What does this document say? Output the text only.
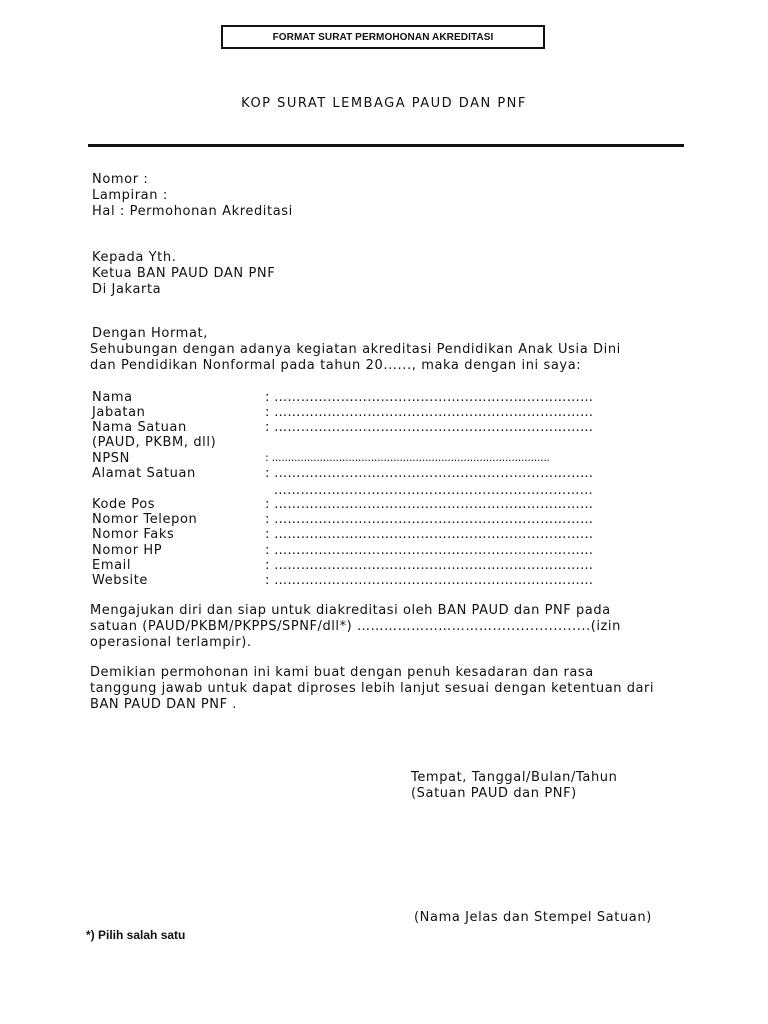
FORMAT SURAT PERMOHONAN AKREDITASI
KOP SURAT LEMBAGA PAUD DAN PNF
Nomor :
Lampiran :
Hal : Permohonan Akreditasi
Kepada Yth.
Ketua BAN PAUD DAN PNF
Di Jakarta
Dengan Hormat,
Sehubungan dengan adanya kegiatan akreditasi Pendidikan Anak Usia Dini
dan Pendidikan Nonformal pada tahun 20......, maka dengan ini saya:
Nama	: ………………………………………………………………
Jabatan	: ………………………………………………………………
Nama Satuan	: ………………………………………………………………
(PAUD, PKBM, dll)
NPSN	: .......................................................................................
Alamat Satuan	: ………………………………………………………………
………………………………………………………………
Kode Pos	: ………………………………………………………………
Nomor Telepon	: ………………………………………………………………
Nomor Faks	: ……………………………………………………………...
Nomor HP	: ………………………………………………………………
Email	: ………………………………………………………………
Website	: ………………………………………………………………
Mengajukan diri dan siap untuk diakreditasi oleh BAN PAUD dan PNF pada
satuan (PAUD/PKBM/PKPPS/SPNF/dll*) ………………………….....................(izin
operasional terlampir).
Demikian permohonan ini kami buat dengan penuh kesadaran dan rasa
tanggung jawab untuk dapat diproses lebih lanjut sesuai dengan ketentuan dari
BAN PAUD DAN PNF .
Tempat, Tanggal/Bulan/Tahun
(Satuan PAUD dan PNF)
(Nama Jelas dan Stempel Satuan)
*) Pilih salah satu
